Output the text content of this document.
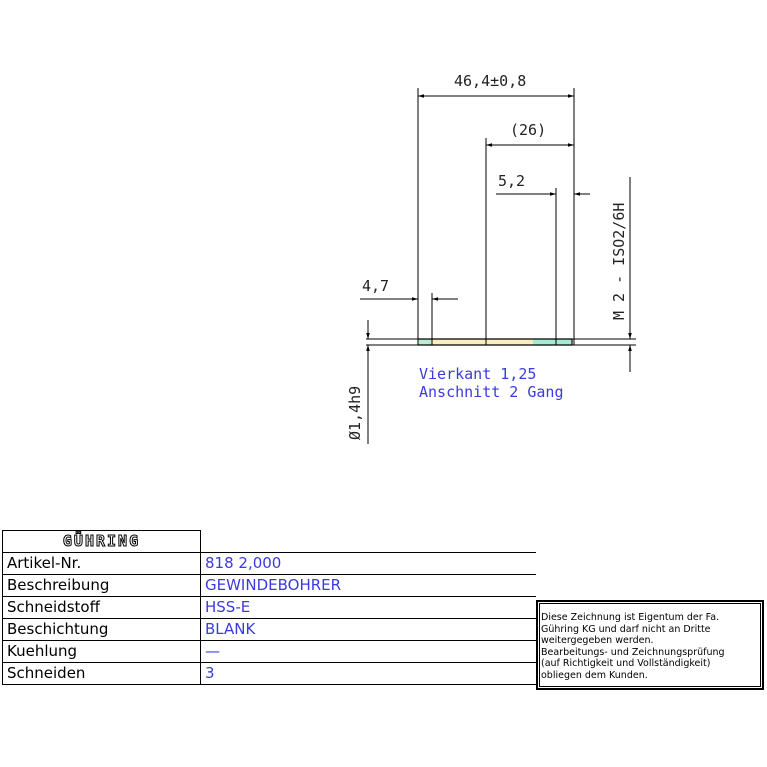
46,4±0,8
(26)
5,2
4,7	M 2 - ISO2/6H
Ø1,4h9
Vierkant 1,25
Anschnitt 2 Gang
GÜHRING	
Artikel-Nr.	818 2,000
Beschreibung	GEWINDEBOHRER
Schneidstoff	HSS-E
Beschichtung	BLANK
Kuehlung	—
Schneiden	3
Diese Zeichnung ist Eigentum der Fa.
Gühring KG und darf nicht an Dritte
weitergegeben werden.
Bearbeitungs- und Zeichnungsprüfung
(auf Richtigkeit und Vollständigkeit)
obliegen dem Kunden.
